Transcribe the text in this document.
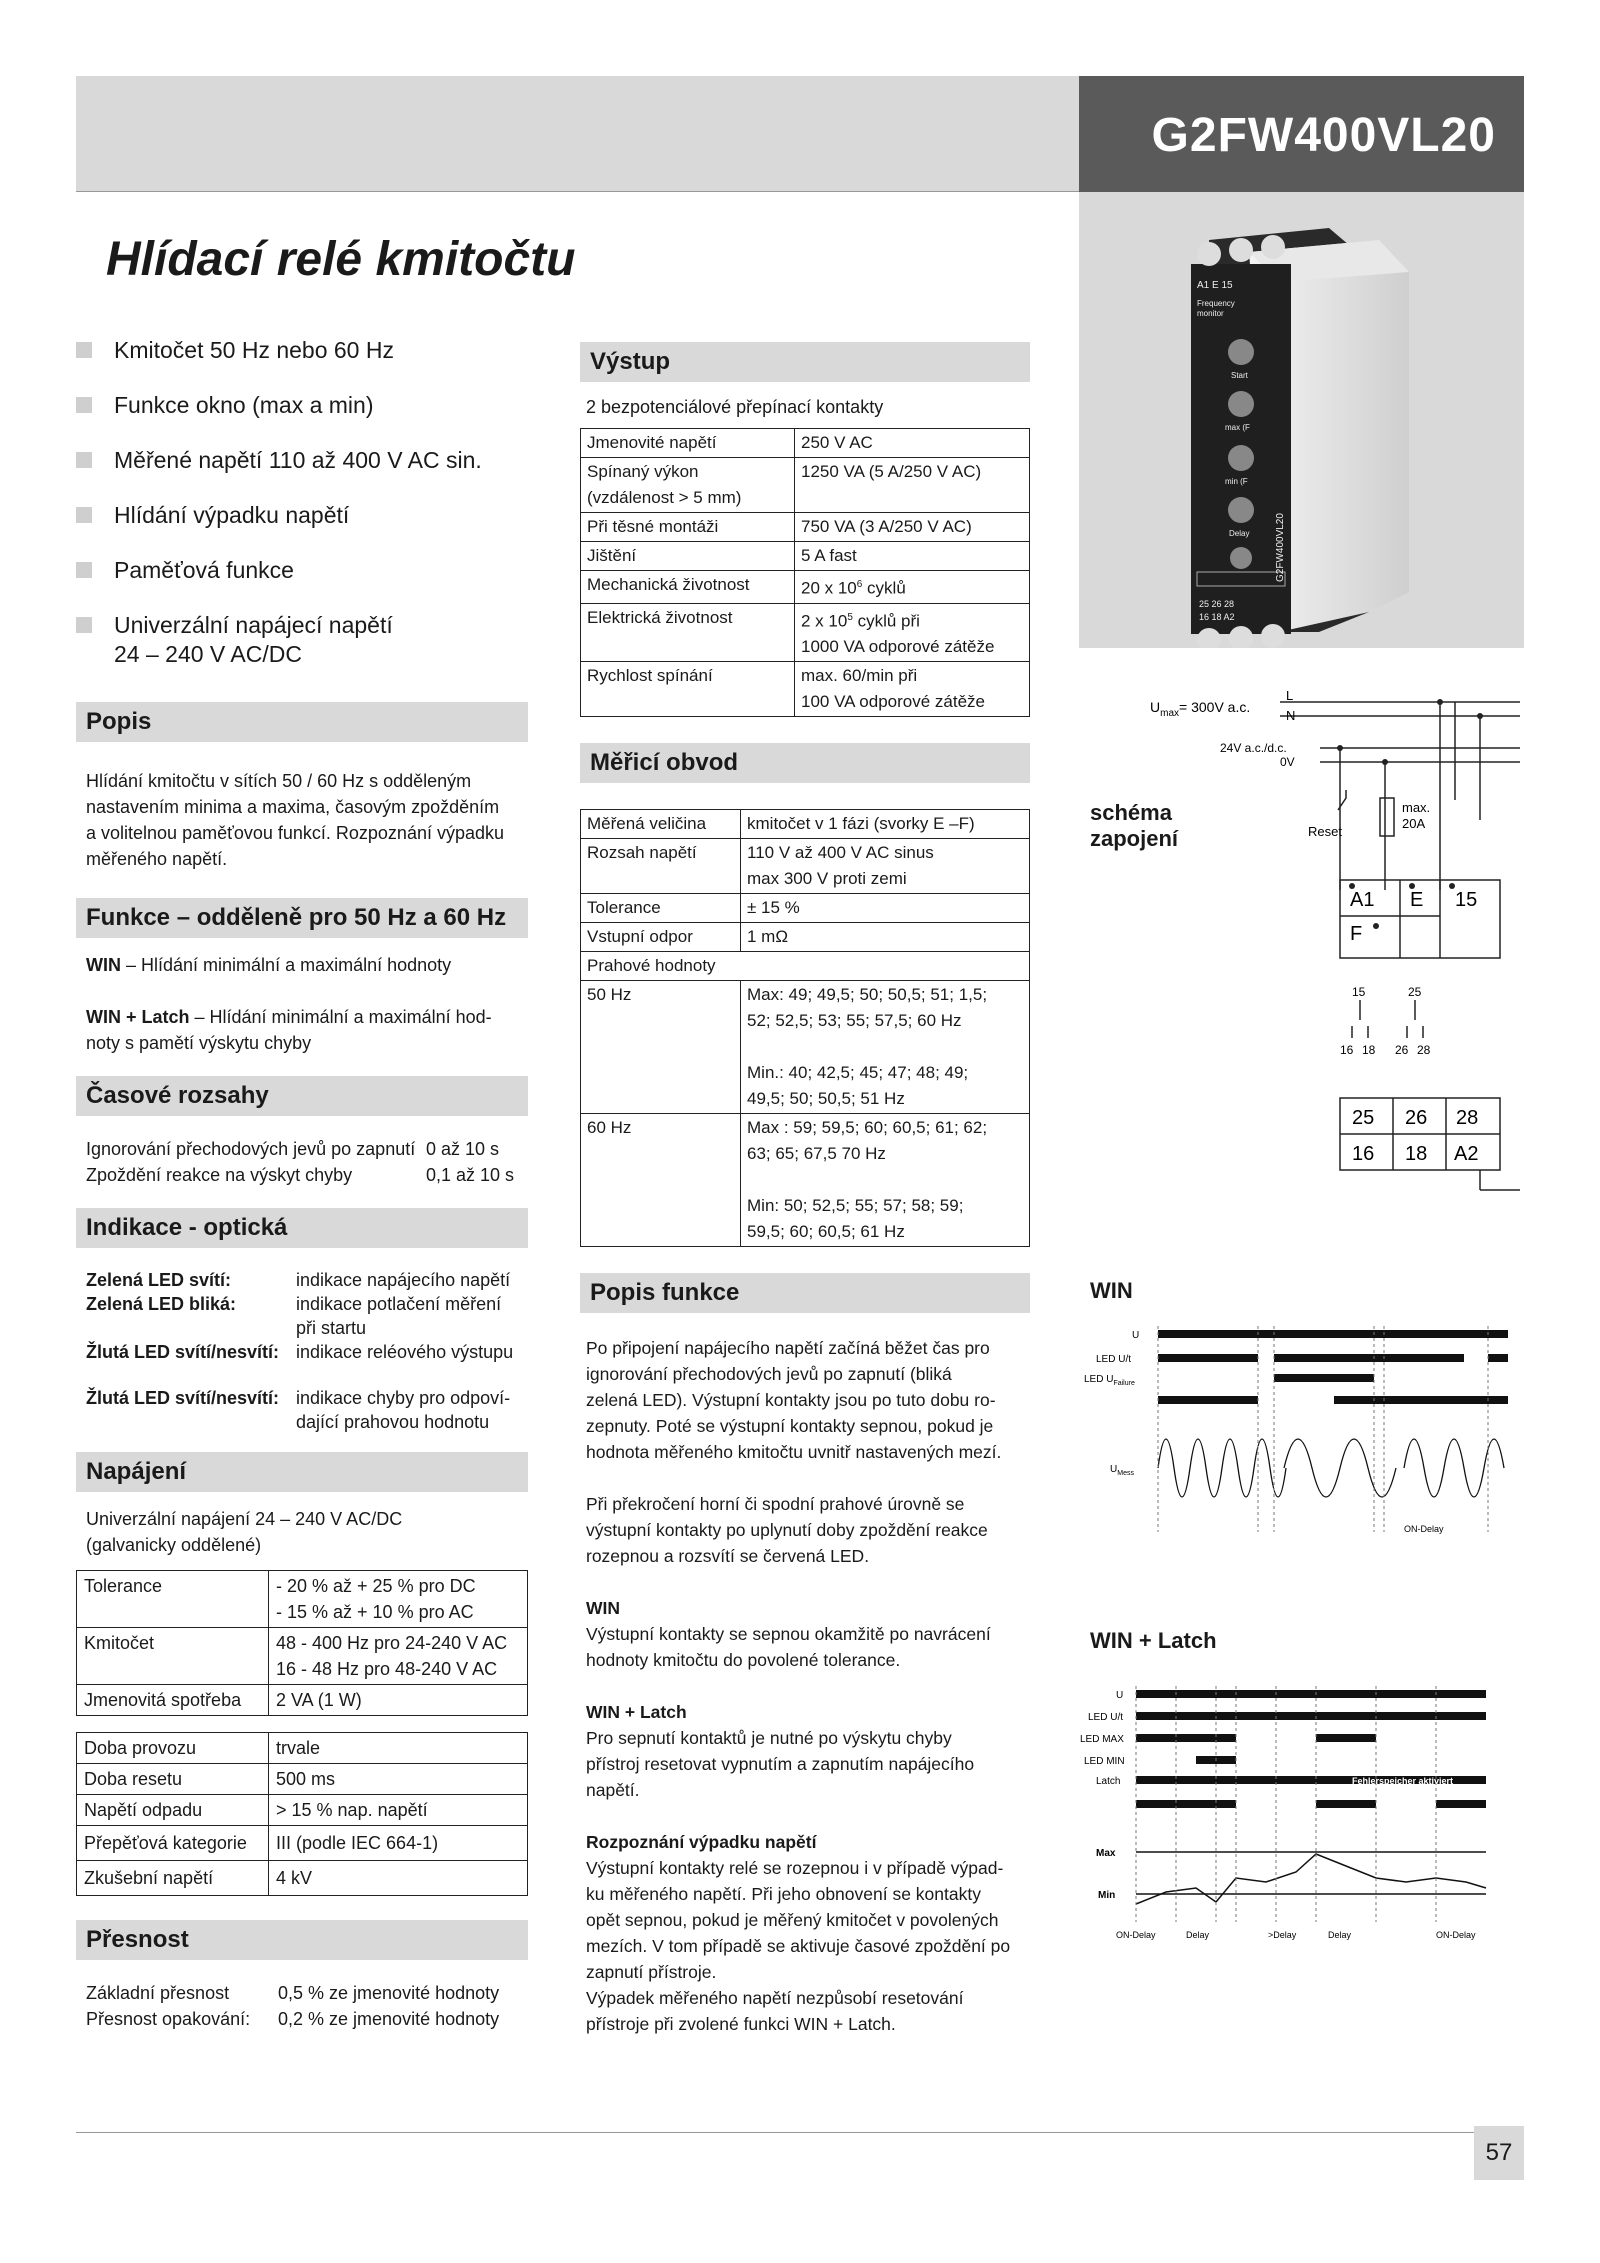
G2FW400VL20
A1 E 15
Frequency
monitor
Start
max (F
min (F
Delay
25 26 28
16 18 A2
G2FW400VL20
Hlídací relé kmitočtu
Kmitočet 50 Hz nebo 60 Hz
Funkce okno (max a min)
Měřené napětí 110 až 400 V AC sin.
Hlídání výpadku napětí
Paměťová funkce
Univerzální napájecí napětí
24 – 240 V AC/DC
Popis
Hlídání kmitočtu v sítích 50 / 60 Hz s odděleným
nastavením minima a maxima, časovým zpožděním
a volitelnou paměťovou funkcí. Rozpoznání výpadku
měřeného napětí.
Funkce – odděleně pro 50 Hz a 60 Hz
WIN – Hlídání minimální a maximální hodnoty
WIN + Latch – Hlídání minimální a maximální hod-
noty s pamětí výskytu chyby
Časové rozsahy
Ignorování přechodových jevů po zapnutí 0 až 10 s
Zpoždění reakce na výskyt chyby	0,1 až 10 s
Indikace - optická
Zelená LED svítí:	indikace napájecího napětí
Zelená LED bliká:	indikace potlačení měření
při startu
Žlutá LED svítí/nesvítí: indikace reléového výstupu
Žlutá LED svítí/nesvítí: indikace chyby pro odpoví-
dající prahovou hodnotu
Napájení
Univerzální napájení 24 – 240 V AC/DC
(galvanicky oddělené)
Tolerance	- 20 % až + 25 % pro DC
- 15 % až + 10 % pro AC

Kmitočet	48 - 400 Hz pro 24-240 V AC
16 - 48 Hz pro 48-240 V AC

Jmenovitá spotřeba	2 VA (1 W)
Doba provozu	trvale
Doba resetu	500 ms
Napětí odpadu	> 15 % nap. napětí
Přepěťová kategorie	III (podle IEC 664-1)
Zkušební napětí	4 kV
Přesnost
Základní přesnost	0,5 % ze jmenovité hodnoty
Přesnost opakování:	0,2 % ze jmenovité hodnoty
Výstup
2 bezpotenciálové přepínací kontakty
Jmenovité napětí	250 V AC

Spínaný výkon
(vzdálenost > 5 mm)	1250 VA (5 A/250 V AC)
Při těsné montáži	750 VA (3 A/250 V AC)
Jištění	5 A fast
Mechanická životnost	20 x $10^6$ cyklů
Elektrická životnost	2 x $10^5$ cyklů při
1000 VA odporové zátěže

Rychlost spínání	max. 60/min při
100 VA odporové zátěže
Měřicí obvod
Měřená veličina	kmitočet v 1 fázi (svorky E –F)
Rozsah napětí	110 V až 400 V AC sinus
max 300 V proti zemi

Tolerance	± 15 %
Vstupní odpor	1 mΩ
Prahové hodnoty	
50 Hz	Max: 49; 49,5; 50; 50,5; 51; 1,5;
52; 52,5; 53; 55; 57,5; 60 Hz
Min.: 40; 42,5; 45; 47; 48; 49;
49,5; 50; 50,5; 51 Hz

60 Hz	Max : 59; 59,5; 60; 60,5; 61; 62;
63; 65; 67,5 70 Hz
Min: 50; 52,5; 55; 57; 58; 59;
59,5; 60; 60,5; 61 Hz
Popis funkce
Po připojení napájecího napětí začíná běžet čas pro
ignorování přechodových jevů po zapnutí (bliká
zelená LED). Výstupní kontakty jsou po tuto dobu ro-
zepnuty. Poté se výstupní kontakty sepnou, pokud je
hodnota měřeného kmitočtu uvnitř nastavených mezí.
Při překročení horní či spodní prahové úrovně se
výstupní kontakty po uplynutí doby zpoždění reakce
rozepnou a rozsvítí se červená LED.
WIN
Výstupní kontakty se sepnou okamžitě po navrácení
hodnoty kmitočtu do povolené tolerance.
WIN + Latch
Pro sepnutí kontaktů je nutné po výskytu chyby
přístroj resetovat vypnutím a zapnutím napájecího
napětí.
Rozpoznání výpadku napětí
Výstupní kontakty relé se rozepnou i v případě výpad-
ku měřeného napětí. Při jeho obnovení se kontakty
opět sepnou, pokud je měřený kmitočet v povolených
mezích. V tom případě se aktivuje časové zpoždění po
zapnutí přístroje.
Výpadek měřeného napětí nezpůsobí resetování
přístroje při zvolené funkci WIN + Latch.
schéma
zapojení
$U_{max}= 300V$ a.c.
L
N
24V a.c./d.c.
0V
max.
20A
Reset
A1 E 15
F
15	25
16 18 26 28
25 26 28
16 18 A2
WIN
U
LED U/t
LED $U_{Failure}$
$U_{Mess}$
ON-Delay
WIN + Latch
U
LED U/t
LED MAX
LED MIN
Latch
Max
Min
Fehlerspeicher aktiviert
ON-Delay	Delay	>Delay	Delay	ON-Delay
57
